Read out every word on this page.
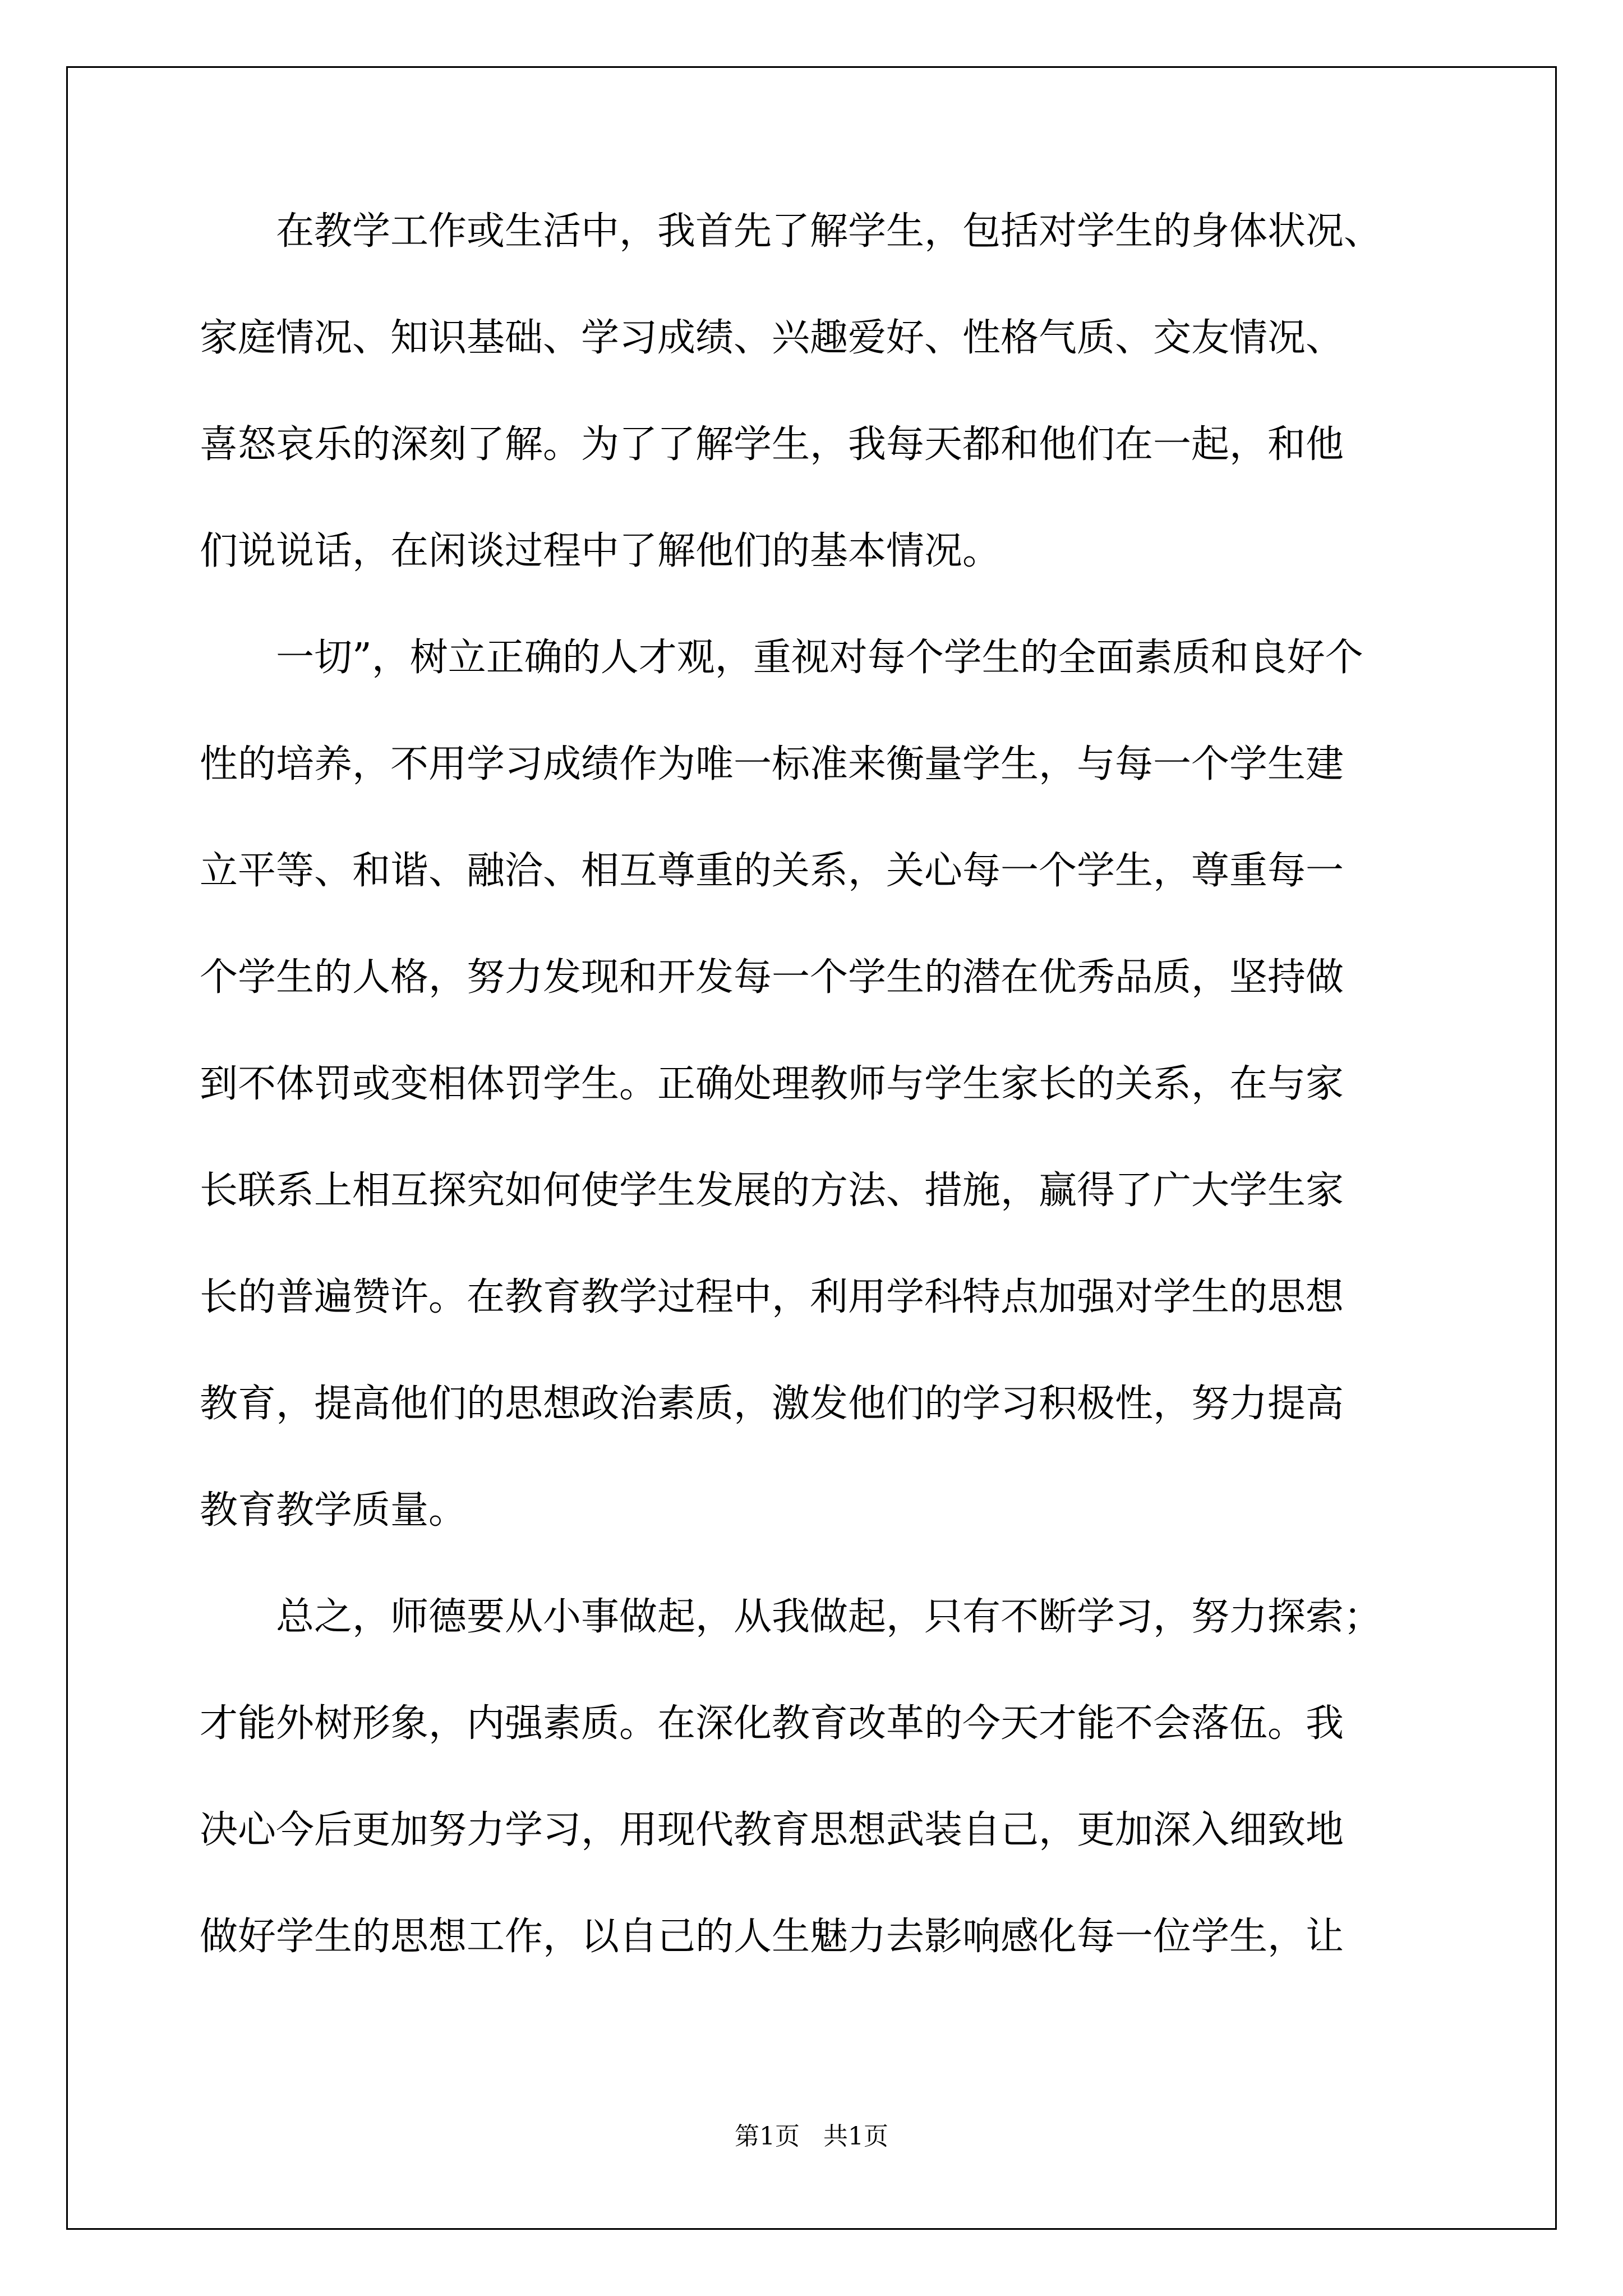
　　在教学工作或生活中，我首先了解学生，包括对学生的身体状况、
家庭情况、知识基础、学习成绩、兴趣爱好、性格气质、交友情况、
喜怒哀乐的深刻了解。为了了解学生，我每天都和他们在一起，和他
们说说话，在闲谈过程中了解他们的基本情况。
　　一切”，树立正确的人才观，重视对每个学生的全面素质和良好个
性的培养，不用学习成绩作为唯一标准来衡量学生，与每一个学生建
立平等、和谐、融洽、相互尊重的关系，关心每一个学生，尊重每一
个学生的人格，努力发现和开发每一个学生的潜在优秀品质，坚持做
到不体罚或变相体罚学生。正确处理教师与学生家长的关系，在与家
长联系上相互探究如何使学生发展的方法、措施，赢得了广大学生家
长的普遍赞许。在教育教学过程中，利用学科特点加强对学生的思想
教育，提高他们的思想政治素质，激发他们的学习积极性，努力提高
教育教学质量。
　　总之，师德要从小事做起，从我做起，只有不断学习，努力探索；
才能外树形象，内强素质。在深化教育改革的今天才能不会落伍。我
决心今后更加努力学习，用现代教育思想武装自己，更加深入细致地
做好学生的思想工作，以自己的人生魅力去影响感化每一位学生，让
第1页   共1页
